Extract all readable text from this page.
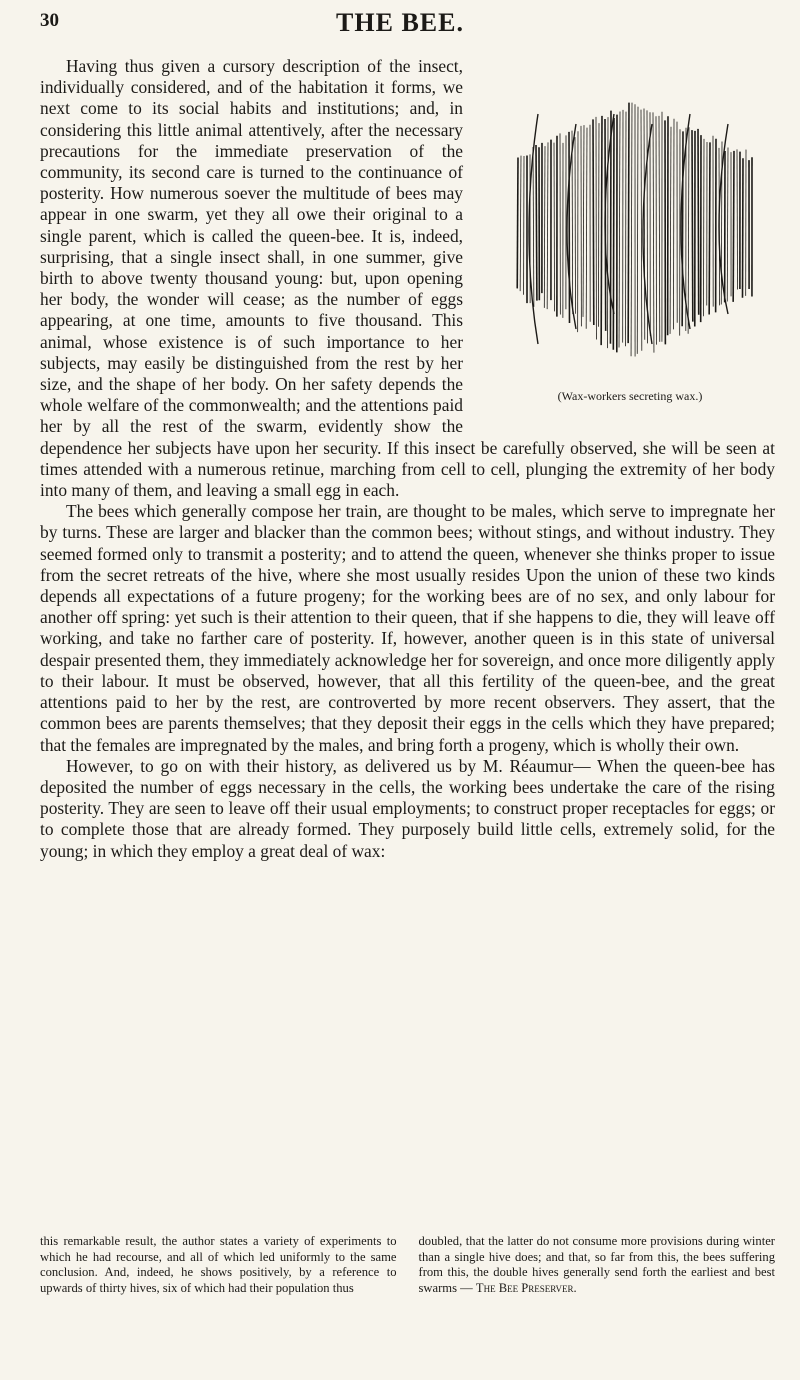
30	THE BEE.
(Wax-workers secreting wax.)

Having thus given a cursory description of the insect, individually considered, and of the habitation it forms, we next come to its social habits and institutions; and, in considering this little animal attentively, after the necessary precautions for the immediate preservation of the community, its second care is turned to the continuance of posterity. How numerous soever the multitude of bees may appear in one swarm, yet they all owe their original to a single parent, which is called the queen-bee. It is, indeed, surprising, that a single insect shall, in one summer, give birth to above twenty thousand young: but, upon opening her body, the wonder will cease; as the number of eggs appearing, at one time, amounts to five thousand. This animal, whose existence is of such importance to her subjects, may easily be distinguished from the rest by her size, and the shape of her body. On her safety depends the whole welfare of the commonwealth; and the attentions paid her by all the rest of the swarm, evidently show the dependence her subjects have upon her security. If this insect be carefully observed, she will be seen at times attended with a numerous retinue, marching from cell to cell, plunging the extremity of her body into many of them, and leaving a small egg in each.

The bees which generally compose her train, are thought to be males, which serve to impregnate her by turns. These are larger and blacker than the common bees; without stings, and without industry. They seemed formed only to transmit a posterity; and to attend the queen, whenever she thinks proper to issue from the secret retreats of the hive, where she most usually resides Upon the union of these two kinds depends all expectations of a future progeny; for the working bees are of no sex, and only labour for another off spring: yet such is their attention to their queen, that if she happens to die, they will leave off working, and take no farther care of posterity. If, however, another queen is in this state of universal despair presented them, they immediately acknowledge her for sovereign, and once more diligently apply to their labour. It must be observed, however, that all this fertility of the queen-bee, and the great attentions paid to her by the rest, are controverted by more recent observers. They assert, that the common bees are parents themselves; that they deposit their eggs in the cells which they have prepared; that the females are impregnated by the males, and bring forth a progeny, which is wholly their own.

However, to go on with their history, as delivered us by M. Réaumur— When the queen-bee has deposited the number of eggs necessary in the cells, the working bees undertake the care of the rising posterity. They are seen to leave off their usual employments; to construct proper receptacles for eggs; or to complete those that are already formed. They purposely build little cells, extremely solid, for the young; in which they employ a great deal of wax:

this remarkable result, the author states a variety of experiments to which he had recourse, and all of which led uniformly to the same conclusion. And, indeed, he shows positively, by a reference to upwards of thirty hives, six of which had their population thus
doubled, that the latter do not consume more provisions during winter than a single hive does; and that, so far from this, the bees suffering from this, the double hives generally send forth the earliest and best swarms — The Bee Preserver.
